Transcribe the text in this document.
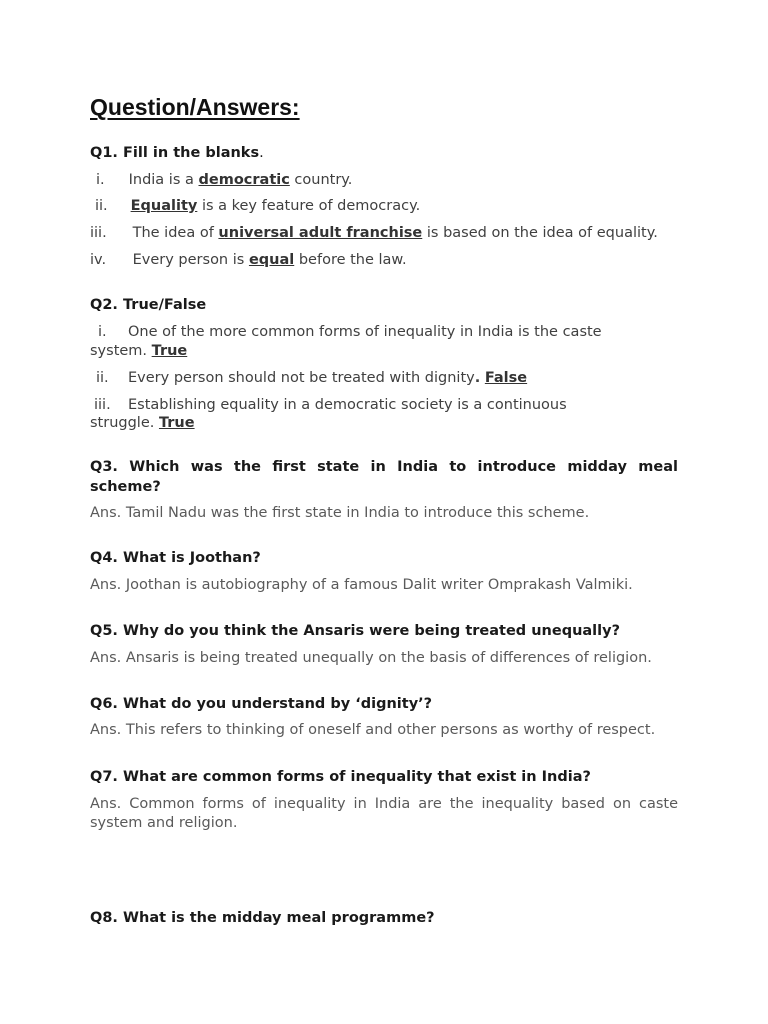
Question/Answers:
Q1. Fill in the blanks.
i. India is a democratic country.
ii. Equality is a key feature of democracy.
iii. The idea of universal adult franchise is based on the idea of equality.
iv. Every person is equal before the law.
Q2. True/False
i. One of the more common forms of inequality in India is the caste
system. True
ii. Every person should not be treated with dignity. False
iii. Establishing equality in a democratic society is a continuous
struggle. True
Q3. Which was the first state in India to introduce midday meal scheme?
Ans. Tamil Nadu was the first state in India to introduce this scheme.
Q4. What is Joothan?
Ans. Joothan is autobiography of a famous Dalit writer Omprakash Valmiki.
Q5. Why do you think the Ansaris were being treated unequally?
Ans. Ansaris is being treated unequally on the basis of differences of religion.
Q6. What do you understand by ‘dignity’?
Ans. This refers to thinking of oneself and other persons as worthy of respect.
Q7. What are common forms of inequality that exist in India?
Ans. Common forms of inequality in India are the inequality based on caste system and religion.
Q8. What is the midday meal programme?
